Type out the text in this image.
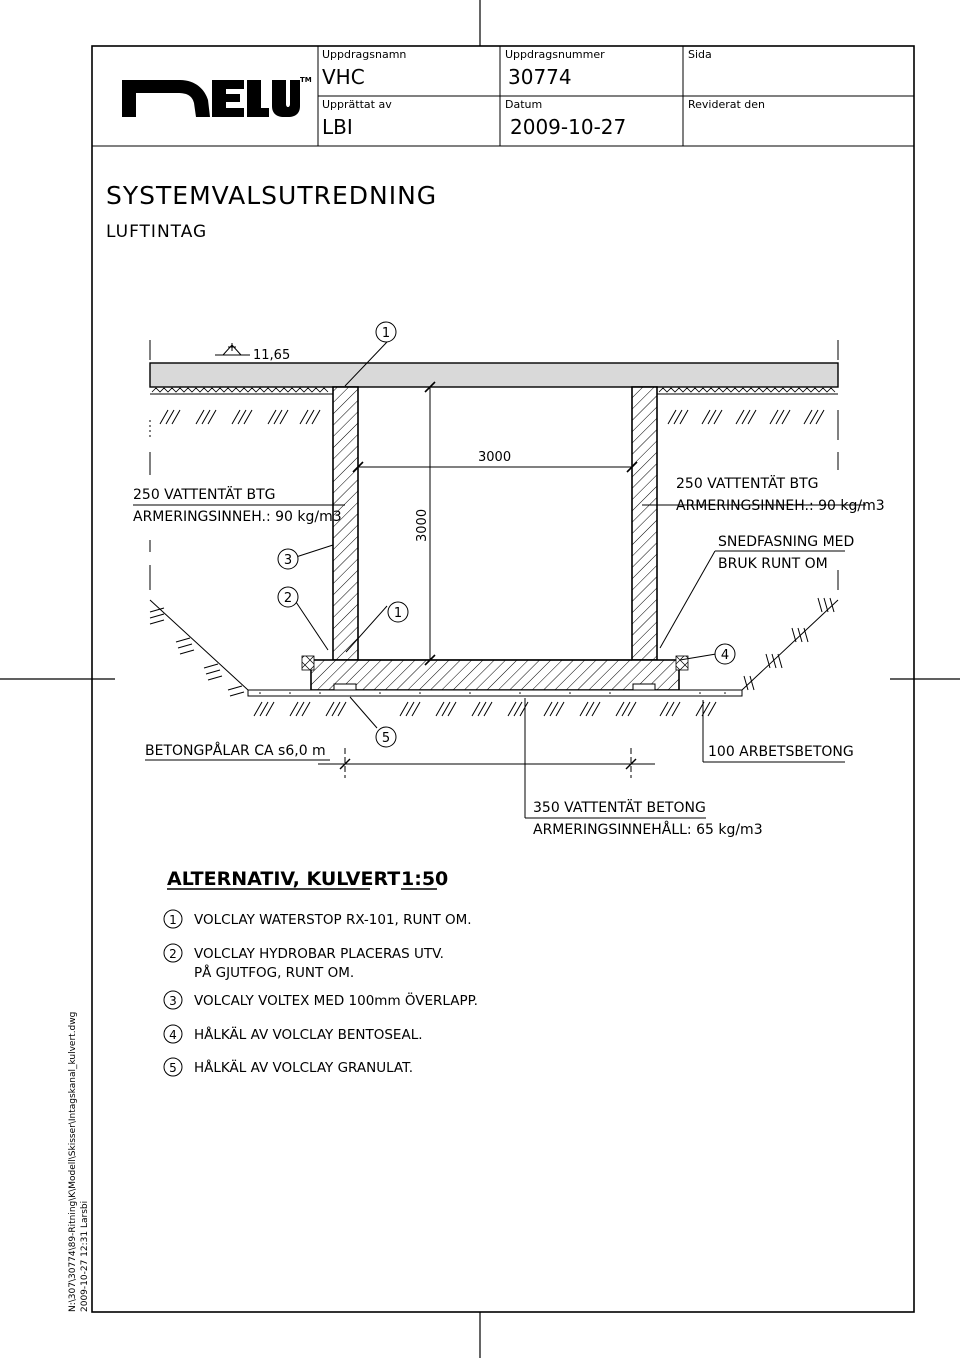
TM
Uppdragsnamn
VHC
Uppdragsnummer
30774
Sida
Upprättat av
LBI
Datum
2009-10-27
Reviderat den
SYSTEMVALSUTREDNING
LUFTINTAG
11,65
3000
3000
250 VATTENTÄT BTG
ARMERINGSINNEH.: 90 kg/m3
250 VATTENTÄT BTG
ARMERINGSINNEH.: 90 kg/m3
SNEDFASNING MED
BRUK RUNT OM
BETONGPÅLAR CA s6,0 m	100 ARBETSBETONG
350 VATTENTÄT BETONG
ARMERINGSINNEHÅLL: 65 kg/m3
1
3
2
1
4
5
ALTERNATIV, KULVERT 1:50
1 VOLCLAY WATERSTOP RX-101, RUNT OM.
2 VOLCLAY HYDROBAR PLACERAS UTV.
PÅ GJUTFOG, RUNT OM.
3 VOLCALY VOLTEX MED 100mm ÖVERLAPP.
4 HÅLKÄL AV VOLCLAY BENTOSEAL.
5 HÅLKÄL AV VOLCLAY GRANULAT.
N:\307\30774\89-Ritning\K\Modell\Skisser\Intagskanal_kulvert.dwg 2009-10-27 12:31 Larsbi
